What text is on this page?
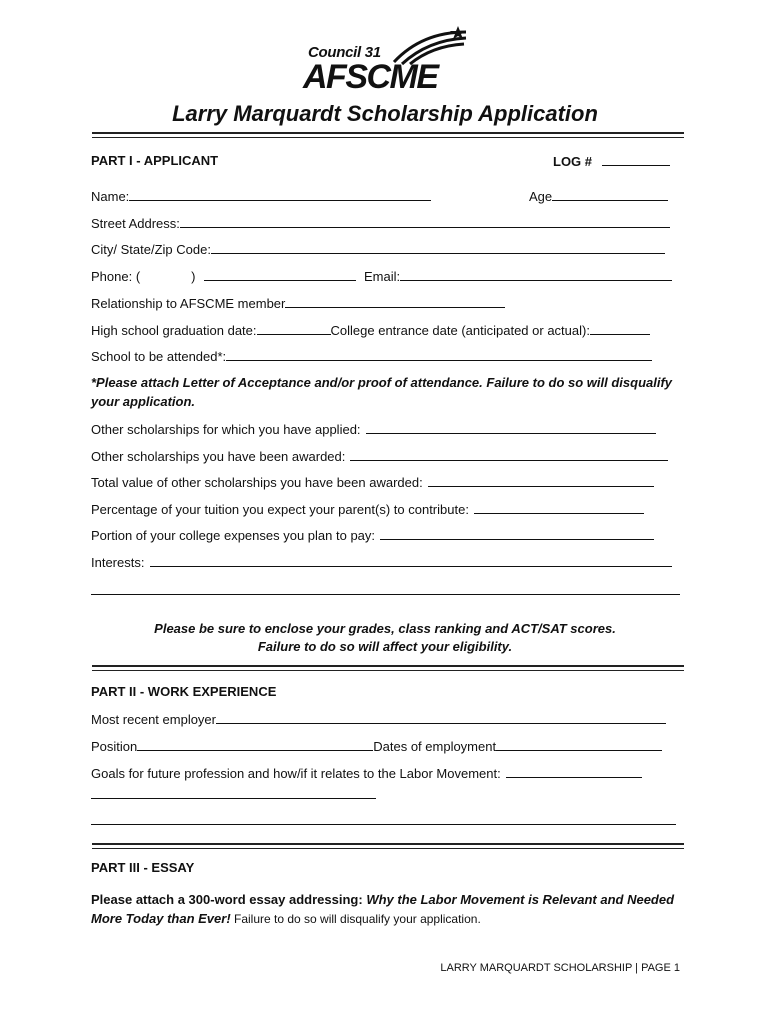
Council 31
AFSCME
Larry Marquardt Scholarship Application
PART I - APPLICANT	LOG #
Name:	Age
Street Address:
City/ State/Zip Code:
Phone: (	)	Email:
Relationship to AFSCME member
High school graduation date:	College entrance date (anticipated or actual):
School to be attended*:
*Please attach Letter of Acceptance and/or proof of attendance. Failure to do so will disqualify your application.
Other scholarships for which you have applied:
Other scholarships you have been awarded:
Total value of other scholarships you have been awarded:
Percentage of your tuition you expect your parent(s) to contribute:
Portion of your college expenses you plan to pay:
Interests:
Please be sure to enclose your grades, class ranking and ACT/SAT scores.
Failure to do so will affect your eligibility.
PART II - WORK EXPERIENCE
Most recent employer
Position	Dates of employment
Goals for future profession and how/if it relates to the Labor Movement:
PART III - ESSAY
Please attach a 300-word essay addressing: Why the Labor Movement is Relevant and Needed More Today than Ever! Failure to do so will disqualify your application.
LARRY MARQUARDT SCHOLARSHIP | PAGE 1
